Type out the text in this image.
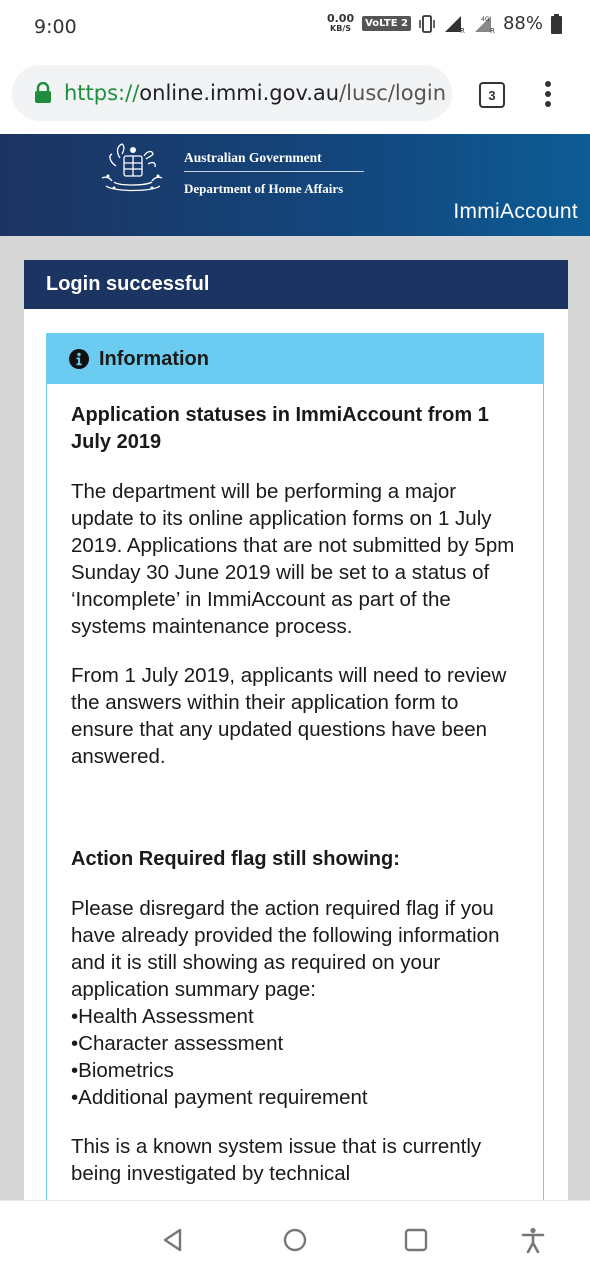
9:00	0.00
KB/S	VoLTE 2
R
4G
R 88%
https://online.immi.gov.au/lusc/login	3
Australian Government
Department of Home Affairs
ImmiAccount
Login successful
Information

Application statuses in ImmiAccount from 1 July 2019

The department will be performing a major update to its online application forms on 1 July 2019. Applications that are not submitted by 5pm Sunday 30 June 2019 will be set to a status of ‘Incomplete’ in ImmiAccount as part of the systems maintenance process.

From 1 July 2019, applicants will need to review the answers within their application form to ensure that any updated questions have been answered.

Action Required flag still showing:

Please disregard the action required flag if you have already provided the following information and it is still showing as required on your application summary page:
•Health Assessment
•Character assessment
•Biometrics
•Additional payment requirement

This is a known system issue that is currently being investigated by technical
